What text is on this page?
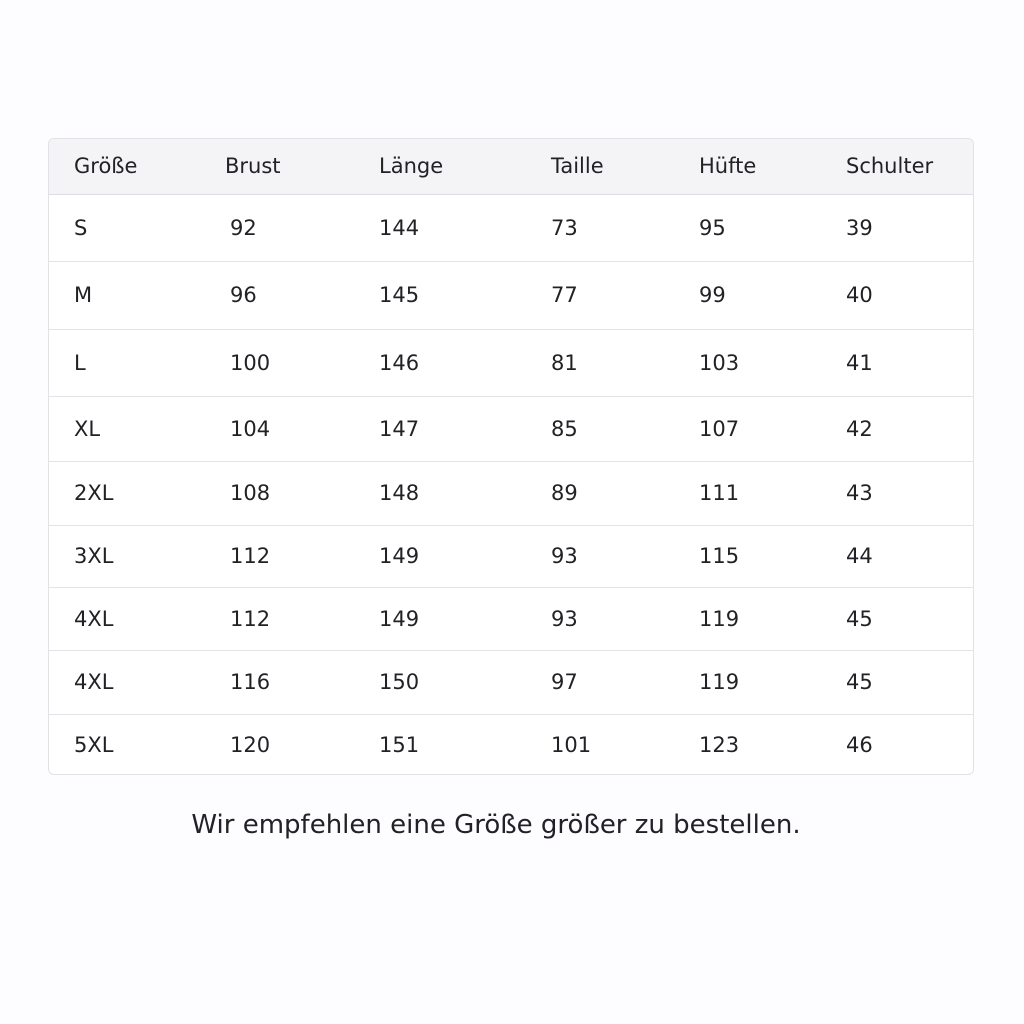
Größe	Brust	Länge	Taille	Hüfte	Schulter
S	92	144	73	95	39
M	96	145	77	99	40
L	100	146	81	103	41
XL	104	147	85	107	42
2XL	108	148	89	111	43
3XL	112	149	93	115	44
4XL	112	149	93	119	45
4XL	116	150	97	119	45
5XL	120	151	101	123	46

Wir empfehlen eine Größe größer zu bestellen.
